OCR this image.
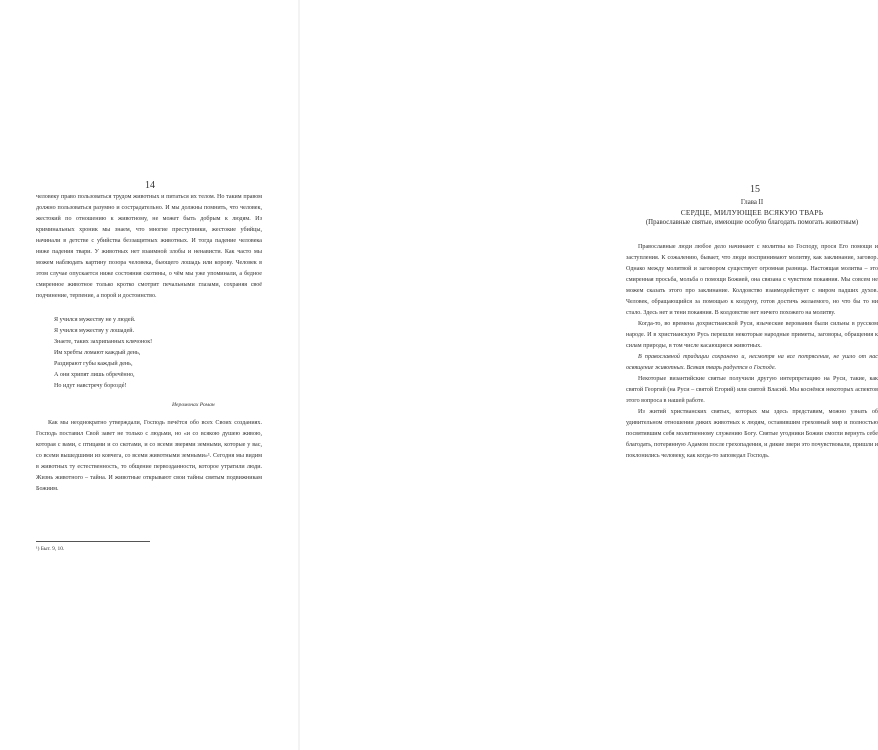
14

человеку право пользоваться трудом животных и питаться их телом. Но таким правом должно пользоваться разумно и сострадательно. И мы должны помнить, что человек, жестокий по отношению к животному, не может быть добрым к людям. Из криминальных хроник мы знаем, что многие преступники, жестокие убийцы, начинали в детстве с убийства беззащитных животных. И тогда падение человека ниже падения твари. У животных нет взаимной злобы и ненависти. Как часто мы можем наблюдать картину позора человека, бьющего лошадь или корову. Человек в этом случае опускается ниже состояния скотины, о чём мы уже упоминали, а бедное смиренное животное только кротко смотрит печальными глазами, сохраняя своё подчинение, терпение, а порой и достоинство.

Я учился мужеству не у людей.
Я учился мужеству у лошадей.
Знаете, таких захрипанных клячонок!
Им хребты ломают каждый день,
Раздирают губы каждый день,
А они хрипят лишь обречённо,
Но идут навстречу бороздé!
Иеромонах Роман

Как мы неоднократно утверждали, Господь печётся обо всех Своих созданиях. Господь поставил Свой завет не только с людьми, но «и со всякою душею живою, которая с вами, с птицами и со скотами, и со всеми зверями земными, которые у вас, со всеми вышедшими из ковчега, со всеми животными земными»¹. Сегодня мы видим в животных ту естественность, то общение первозданности, которое утратили люди. Жизнь животного – тайна. И животные открывают свои тайны святым подвижникам Божиим.

¹) Быт. 9, 10.
15
Глава II
СЕРДЦЕ, МИЛУЮЩЕЕ ВСЯКУЮ ТВАРЬ
(Православные святые, имеющие особую благодать помогать животным)

Православные люди любое дело начинают с молитвы ко Господу, прося Его помощи и заступления. К сожалению, бывает, что люди воспринимают молитву, как заклинание, заговор. Однако между молитвой и заговором существует огромная разница. Настоящая молитва – это смиренная просьба, мольба о помощи Божией, она связана с чувством покаяния. Мы совсем не можем сказать этого про заклинание. Колдовство взаимодействует с миром падших духов. Человек, обращающийся за помощью к колдуну, готов достичь желаемого, но что бы то ни стало. Здесь нет и тени покаяния. В колдовстве нет ничего похожего на молитву.

Когда-то, во времена дохристианской Руси, языческие верования были сильны в русском народе. И в христианскую Русь перешли некоторые народные приметы, заговоры, обращения к силам природы, в том числе касающиеся животных.

В православной традиции сохранено и, несмотря на все потрясения, не ушло от нас освящение животных. Всякая тварь радуется о Господе.

Некоторые византийские святые получили другую интерпретацию на Руси, такие, как святой Георгий (на Руси – святой Егорий) или святой Власий. Мы коснёмся некоторых аспектов этого вопроса в нашей работе.

Из житий христианских святых, которых мы здесь представим, можно узнать об удивительном отношении диких животных к людям, оставившим греховный мир и полностью посвятившим себя молитвенному служению Богу. Святые угодники Божии смогли вернуть себе благодать, потерянную Адамом после грехопадения, и дикие звери это почувствовали, пришли и поклонились человеку, как когда-то заповедал Господь.
